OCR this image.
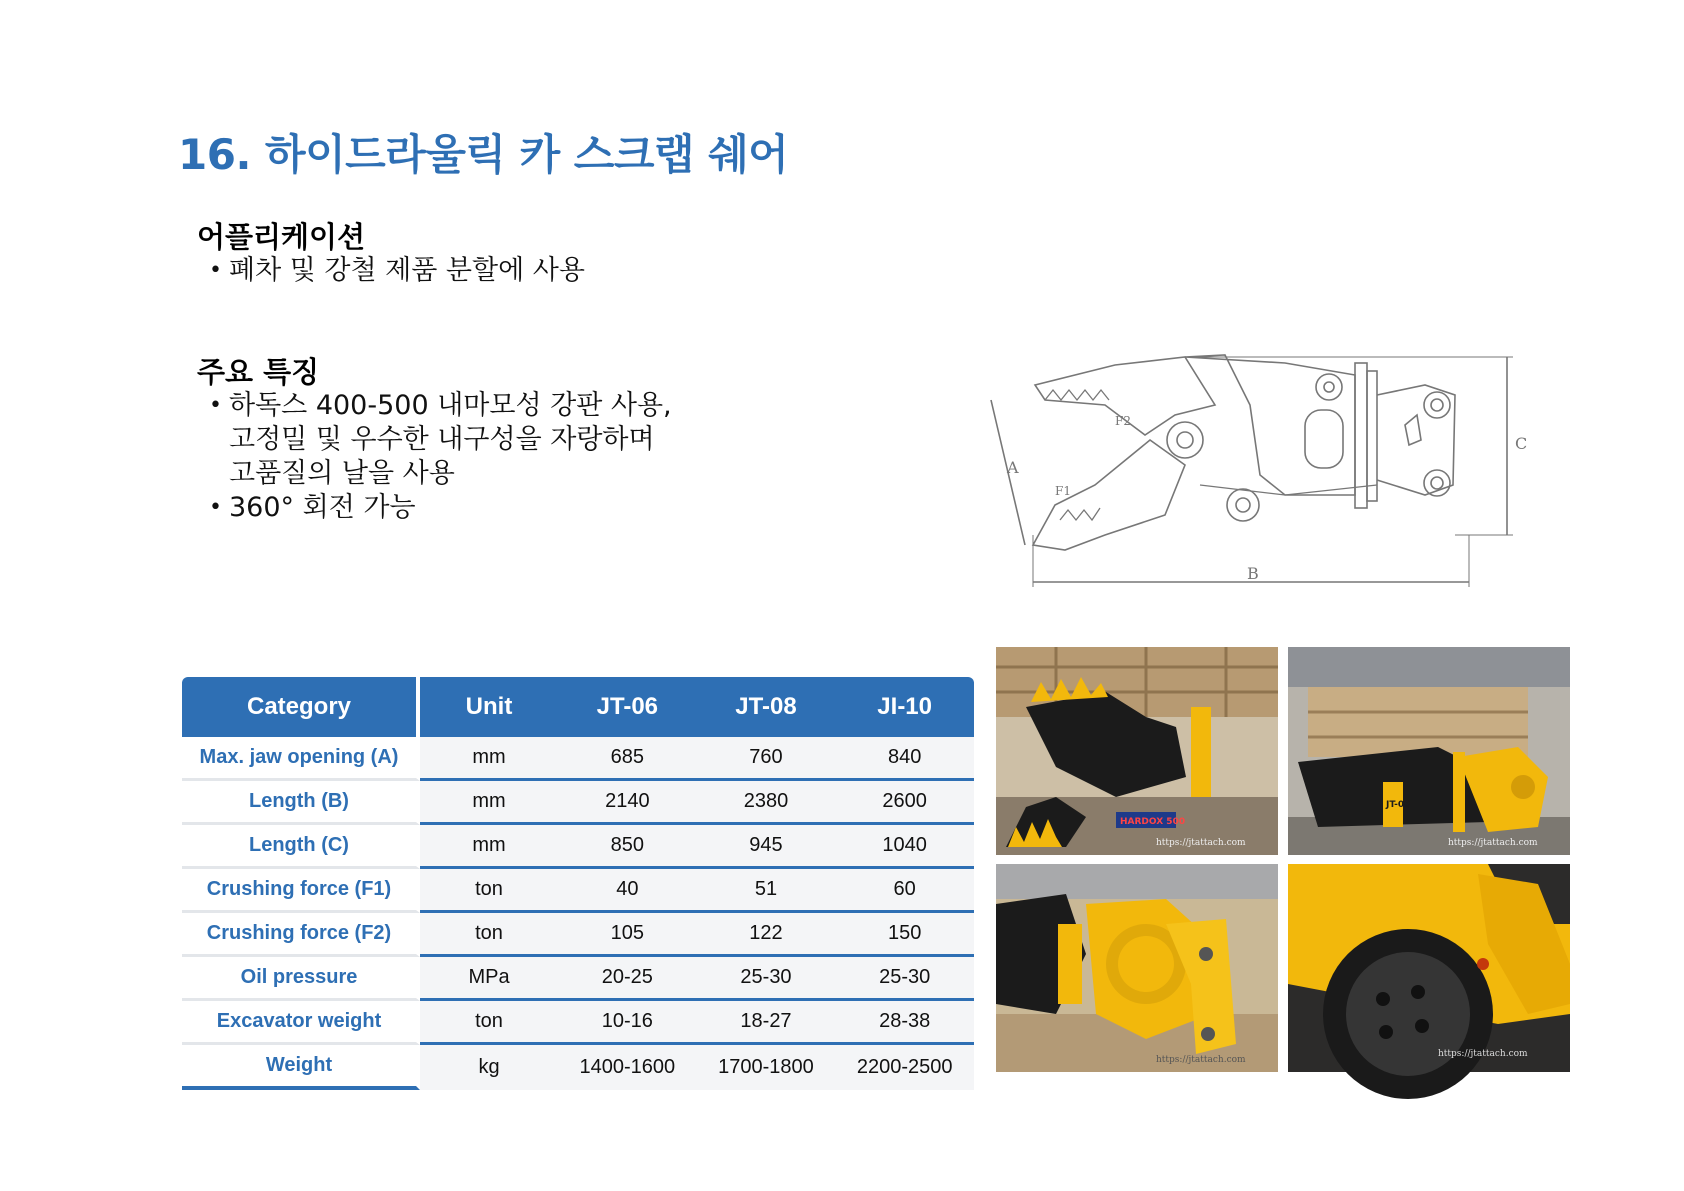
16. 하이드라울릭 카 스크랩 쉐어
어플리케이션
• 폐차 및 강철 제품 분할에 사용
주요 특징
• 하독스 400-500 내마모성 강판 사용,
고정밀 및 우수한 내구성을 자랑하며
고품질의 날을 사용
• 360° 회전 가능
C
B
A
F1
F2
Category	Unit	JT-06	JT-08	JI-10
Max. jaw opening (A)	mm	685	760	840
Length (B)	mm	2140	2380	2600
Length (C)	mm	850	945	1040
Crushing force (F1)	ton	40	51	60
Crushing force (F2)	ton	105	122	150
Oil pressure	MPa	20-25	25-30	25-30
Excavator weight	ton	10-16	18-27	28-38
Weight	kg	1400-1600	1700-1800	2200-2500
HARDOX 500
https://jtattach.com
JT-06
https://jtattach.com
https://jtattach.com
https://jtattach.com
